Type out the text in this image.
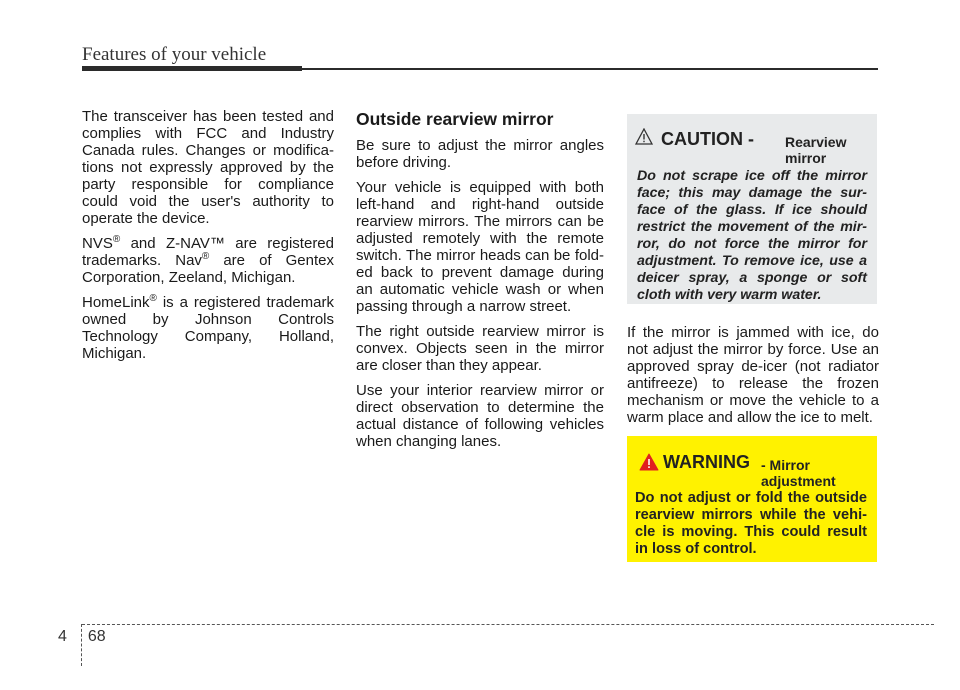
Features of your vehicle

The transceiver has been tested and complies with FCC and Industry Canada rules. Changes or modifica-tions not expressly approved by the party responsible for compliance could void the user's authority to operate the device.

NVS® and Z-NAV™ are registered trademarks. Nav® are of Gentex Corporation, Zeeland, Michigan.

HomeLink® is a registered trademark owned by Johnson Controls Technology Company, Holland, Michigan.

Outside rearview mirror

Be sure to adjust the mirror angles before driving.

Your vehicle is equipped with both left-hand and right-hand outside rearview mirrors. The mirrors can be adjusted remotely with the remote switch. The mirror heads can be fold-ed back to prevent damage during an automatic vehicle wash or when passing through a narrow street.

The right outside rearview mirror is convex. Objects seen in the mirror are closer than they appear.

Use your interior rearview mirror or direct observation to determine the actual distance of following vehicles when changing lanes.

CAUTION - Rearview
mirror
Do not scrape ice off the mirror face; this may damage the sur-face of the glass. If ice should restrict the movement of the mir-ror, do not force the mirror for adjustment. To remove ice, use a deicer spray, a sponge or soft cloth with very warm water.

If the mirror is jammed with ice, do not adjust the mirror by force. Use an approved spray de-icer (not radiator antifreeze) to release the frozen mechanism or move the vehicle to a warm place and allow the ice to melt.

WARNING - Mirror
adjustment
Do not adjust or fold the outside rearview mirrors while the vehi-cle is moving. This could result in loss of control.
4 68
